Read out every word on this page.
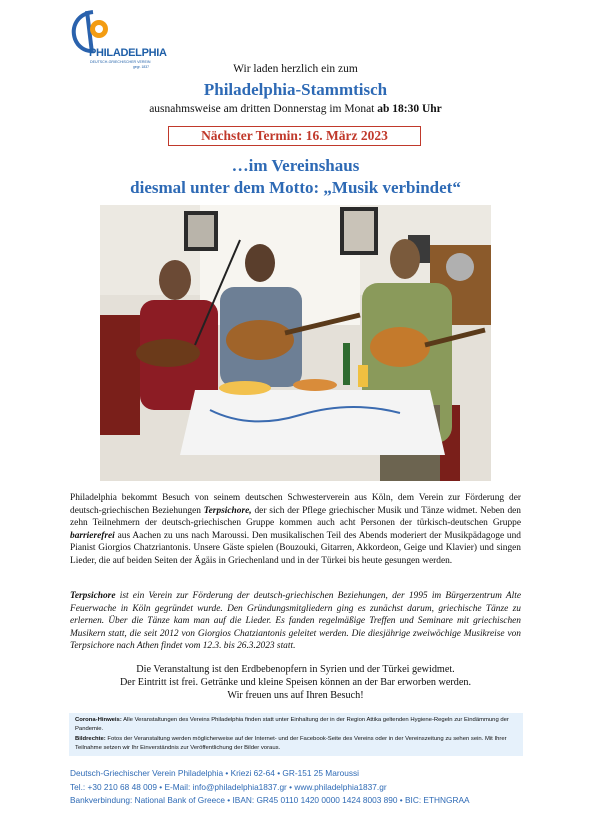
PHILADELPHIA
DEUTSCH-GRIECHISCHER VEREIN
gegr. 1837	Wir laden herzlich ein zum
Philadelphia-Stammtisch
ausnahmsweise am dritten Donnerstag im Monat ab 18:30 Uhr
Nächster Termin: 16. März 2023
…im Vereinshaus
diesmal unter dem Motto: „Musik verbindet“
Philadelphia bekommt Besuch von seinem deutschen Schwesterverein aus Köln, dem Verein zur Förderung der deutsch-griechischen Beziehungen Terpsichore, der sich der Pflege griechischer Musik und Tänze widmet. Neben den zehn Teilnehmern der deutsch-griechischen Gruppe kommen auch acht Personen der türkisch-deutschen Gruppe barrierefrei aus Aachen zu uns nach Maroussi. Den musikalischen Teil des Abends moderiert der Musikpädagoge und Pianist Giorgios Chatzriantonis. Unsere Gäste spielen (Bouzouki, Gitarren, Akkordeon, Geige und Klavier) und singen Lieder, die auf beiden Seiten der Ägäis in Griechenland und in der Türkei bis heute gesungen werden.
Terpsichore ist ein Verein zur Förderung der deutsch-griechischen Beziehungen, der 1995 im Bürgerzentrum Alte Feuerwache in Köln gegründet wurde. Den Gründungsmitgliedern ging es zunächst darum, griechische Tänze zu erlernen. Über die Tänze kam man auf die Lieder. Es fanden regelmäßige Treffen und Seminare mit griechischen Musikern statt, die seit 2012 von Giorgios Chatziantonis geleitet werden. Die diesjährige zweiwöchige Musikreise von Terpsichore nach Athen findet vom 12.3. bis 26.3.2023 statt.
Die Veranstaltung ist den Erdbebenopfern in Syrien und der Türkei gewidmet.
Der Eintritt ist frei. Getränke und kleine Speisen können an der Bar erworben werden.
Wir freuen uns auf Ihren Besuch!

Corona-Hinweis: Alle Veranstaltungen des Vereins Philadelphia finden statt unter Einhaltung der in der Region Attika geltenden Hygiene-Regeln zur Eindämmung der Pandemie.

Bildrechte: Fotos der Veranstaltung werden möglicherweise auf der Internet- und der Facebook-Seite des Vereins oder in der Vereinszeitung zu sehen sein. Mit Ihrer Teilnahme setzen wir Ihr Einverständnis zur Veröffentlichung der Bilder voraus.

Deutsch-Griechischer Verein Philadelphia • Kriezi 62-64 • GR-151 25 Maroussi
Tel.: +30 210 68 48 009 • E-Mail: info@philadelphia1837.gr • www.philadelphia1837.gr
Bankverbindung: National Bank of Greece • IBAN: GR45 0110 1420 0000 1424 8003 890 • BIC: ETHNGRAA
